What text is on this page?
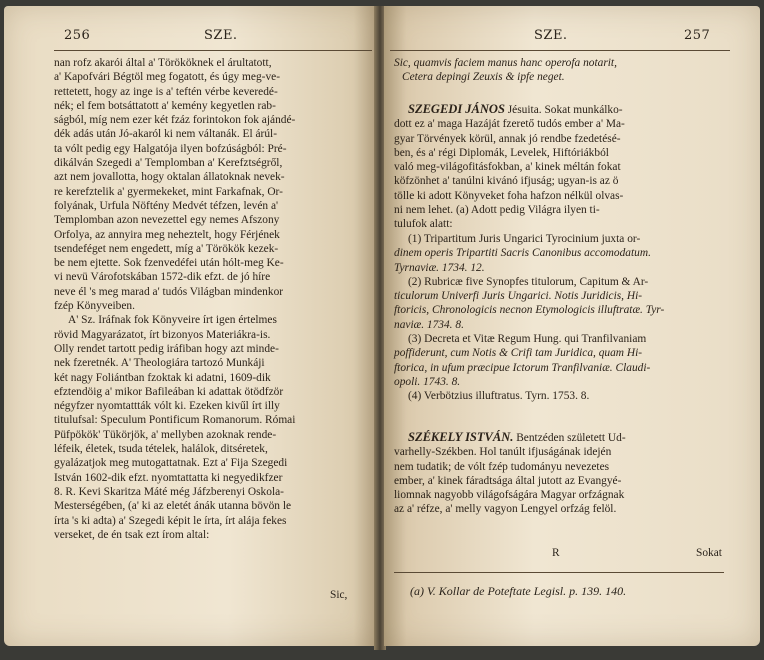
256	SZE.

nan rofz akarói által a' Törököknek el árultatott,

a' Kapofvári Bégtöl meg fogatott, és úgy meg-ve-

rettetett, hogy az inge is a' teftén vérbe keveredé-

nék; el fem botsáttatott a' kemény kegyetlen rab-

ságból, míg nem ezer két fzáz forintokon fok ajándé-

dék adás után Jó-akaról ki nem váltanák. El árúl-

ta vólt pedig egy Halgatója ilyen bofzúságból: Pré-

dikálván Szegedi a' Templomban a' Kerefztségről,

azt nem jovallotta, hogy oktalan állatoknak nevek-

re kerefztelik a' gyermekeket, mint Farkafnak, Or-

folyának, Urfula Nöftény Medvét téfzen, levén a'

Templomban azon nevezettel egy nemes Afszony

Orfolya, az annyira meg neheztelt, hogy Férjének

tsendeféget nem engedett, míg a' Törökök kezek-

be nem ejtette. Sok fzenvedéfei után hólt-meg Ke-

vi nevü Várofotskában 1572-dik efzt. de jó híre

neve él 's meg marad a' tudós Világban mindenkor

fzép Könyveiben.

A' Sz. Iráfnak fok Könyveire írt igen értelmes

rövid Magyarázatot, írt bizonyos Materiákra-is.

Olly rendet tartott pedig iráfiban hogy azt minde-

nek fzeretnék. A' Theologiára tartozó Munkáji

két nagy Foliántban fzoktak ki adatni, 1609-dik

efztendöig a' mikor Bafileában ki adattak ötödfzör

négyfzer nyomtattták vólt ki. Ezeken kivűl írt illy

titulufsal: Speculum Pontificum Romanorum. Római

Püfpökök' Tükörjök, a' mellyben azoknak rende-

léfeik, életek, tsuda tételek, halálok, ditséretek,

gyalázatjok meg mutogattatnak. Ezt a' Fija Szegedi

István 1602-dik efzt. nyomtattatta ki negyedikfzer

8. R. Kevi Skaritza Máté még Jáfzberenyi Oskola-

Mesterségében, (a' ki az eletét ánák utanna bövön le

írta 's ki adta) a' Szegedi képit le írta, írt alája fekes

verseket, de én tsak ezt írom altal:

Sic,
SZE.	257

Sic, quamvis faciem manus hanc operofa notarit,

Cetera depingi Zeuxis & ipfe neget.

SZEGEDI JÁNOS Jésuita. Sokat munkálko-

dott ez a' maga Hazáját fzerető tudós ember a' Ma-

gyar Törvények körül, annak jó rendbe fzedetésé-

ben, és a' régi Diplomák, Levelek, Hiftóriákból

való meg-világofitásfokban, a' kinek méltán fokat

köfzönhet a' tanúlni kivánó ifjuság; ugyan-is az ö

tölle ki adott Könyveket foha hafzon nélkül olvas-

ni nem lehet. (a) Adott pedig Világra ilyen ti-

tulufok alatt:

(1) Tripartitum Juris Ungarici Tyrocinium juxta or-

dinem operis Tripartiti Sacris Canonibus accomodatum.

Tyrnaviæ. 1734. 12.

(2) Rubricæ five Synopfes titulorum, Capitum & Ar-

ticulorum Univerfi Juris Ungarici. Notis Juridicis, Hi-

ftoricis, Chronologicis necnon Etymologicis illuftratæ. Tyr-

naviæ. 1734. 8.

(3) Decreta et Vitæ Regum Hung. qui Tranfilvaniam

poffiderunt, cum Notis & Crifi tam Juridica, quam Hi-

ftorica, in ufum præcipue Ictorum Tranfilvaniæ. Claudi-

opoli. 1743. 8.

(4) Verbötzius illuftratus. Tyrn. 1753. 8.

SZÉKELY ISTVÁN. Bentzéden született Ud-

varhelly-Székben. Hol tanúlt ifjuságának idején

nem tudatik; de vólt fzép tudományu nevezetes

ember, a' kinek fáradtsága által jutott az Evangyé-

liomnak nagyobb világofságára Magyar orfzágnak

az a' réfze, a' melly vagyon Lengyel orfzág felöl.

R	Sokat
(a) V. Kollar de Poteftate Legisl. p. 139. 140.
